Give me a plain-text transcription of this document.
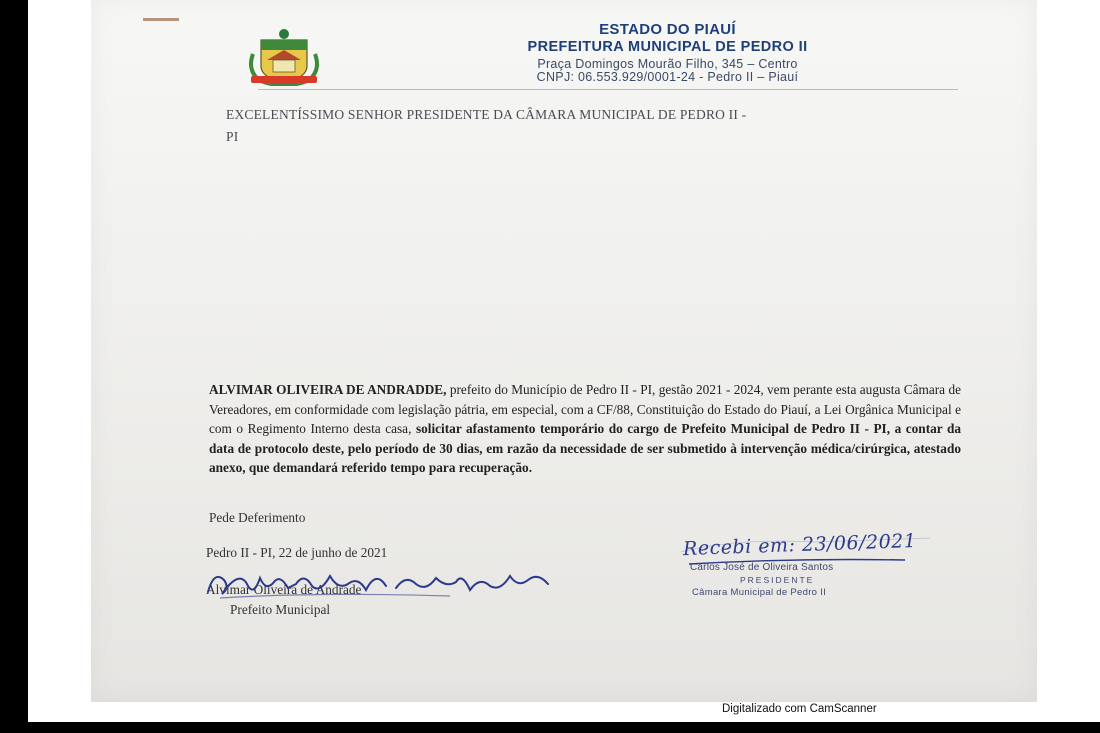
ESTADO DO PIAUÍ
PREFEITURA MUNICIPAL DE PEDRO II
Praça Domingos Mourão Filho, 345 – Centro
CNPJ: 06.553.929/0001-24 - Pedro II – Piauí
EXCELENTÍSSIMO SENHOR PRESIDENTE DA CÂMARA MUNICIPAL DE PEDRO II -
PI
ALVIMAR OLIVEIRA DE ANDRADDE, prefeito do Município de Pedro II - PI, gestão 2021 - 2024, vem perante esta augusta Câmara de Vereadores, em conformidade com legislação pátria, em especial, com a CF/88, Constituição do Estado do Piauí, a Lei Orgânica Municipal e com o Regimento Interno desta casa, solicitar afastamento temporário do cargo de Prefeito Municipal de Pedro II - PI, a contar da data de protocolo deste, pelo período de 30 dias, em razão da necessidade de ser submetido à intervenção médica/cirúrgica, atestado anexo, que demandará referido tempo para recuperação.
Pede Deferimento
Pedro II - PI, 22 de junho de 2021
Alvimar Oliveira de Andrade
Prefeito Municipal
Recebi em: 23/06/2021
Carlos José de Oliveira Santos
PRESIDENTE
Câmara Municipal de Pedro II
Digitalizado com CamScanner
